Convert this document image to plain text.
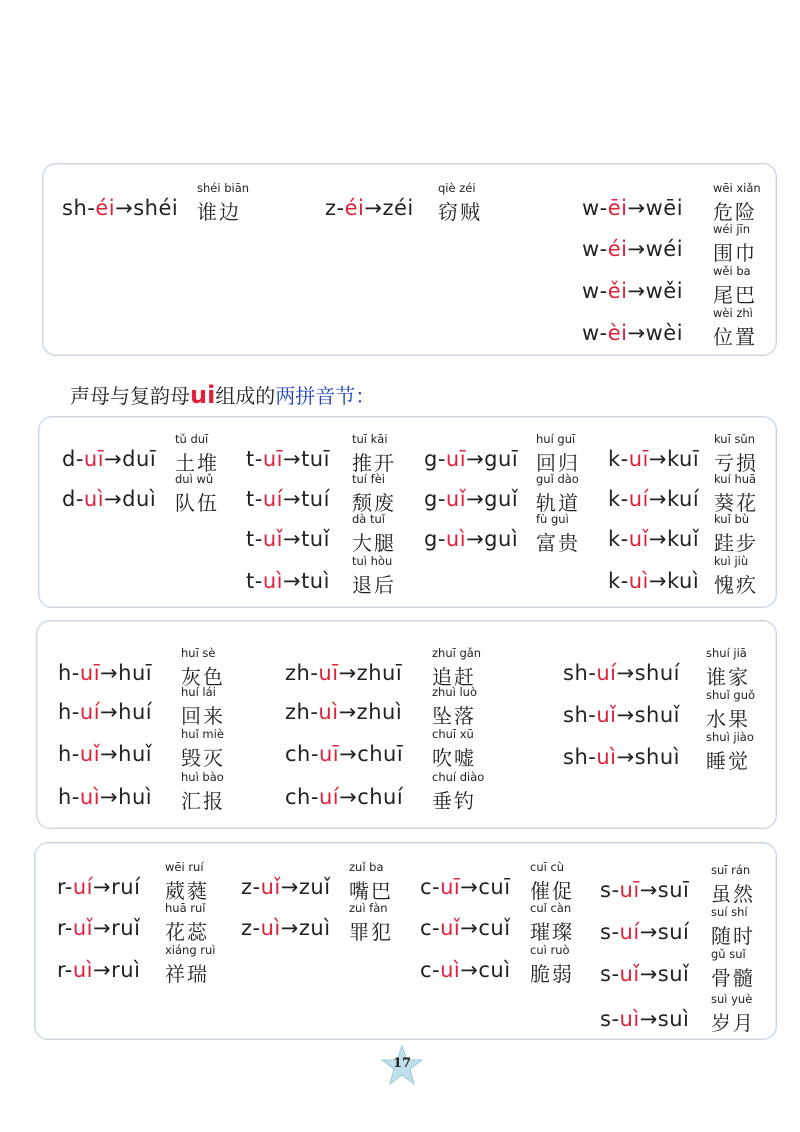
声母与复韵母ui组成的两拼音节：
sh-éi→shéi
shéi biān
谁边	z-éi→zéi
qiè zéi
窃贼	w-ēi→wēi
wēi xiǎn
危险
w-éi→wéi
wéi jīn
围巾
w-ěi→wěi
wěi ba
尾巴
w-èi→wèi
wèi zhì
位置
d-uī→duī
tǔ duī
土堆
d-uì→duì
duì wǔ
队伍
t-uī→tuī
tuī kāi
推开
t-uí→tuí
tuí fèi
颓废
t-uǐ→tuǐ
dà tuǐ
大腿
t-uì→tuì
tuì hòu
退后
g-uī→guī
huí guī
回归
g-uǐ→guǐ
guǐ dào
轨道
g-uì→guì
fù guì
富贵
k-uī→kuī
kuī sǔn
亏损
k-uí→kuí
kuí huā
葵花
k-uǐ→kuǐ
kuǐ bù
跬步
k-uì→kuì
kuì jiù
愧疚
h-uī→huī
huī sè
灰色
h-uí→huí
huí lái
回来
h-uǐ→huǐ
huǐ miè
毁灭
h-uì→huì
huì bào
汇报
zh-uī→zhuī
zhuī gǎn
追赶
zh-uì→zhuì
zhuì luò
坠落
ch-uī→chuī
chuī xū
吹嘘
ch-uí→chuí
chuí diào
垂钓
sh-uí→shuí
shuí jiā
谁家
sh-uǐ→shuǐ
shuǐ guǒ
水果
sh-uì→shuì
shuì jiào
睡觉
r-uí→ruí
wēi ruí
葳蕤
r-uǐ→ruǐ
huā ruǐ
花蕊
r-uì→ruì
xiáng ruì
祥瑞
z-uǐ→zuǐ
zuǐ ba
嘴巴
z-uì→zuì
zuì fàn
罪犯
c-uī→cuī
cuī cù
催促
c-uǐ→cuǐ
cuǐ càn
璀璨
c-uì→cuì
cuì ruò
脆弱
s-uī→suī
suī rán
虽然
s-uí→suí
suí shí
随时
s-uǐ→suǐ
gǔ suǐ
骨髓
s-uì→suì
suì yuè
岁月
17
